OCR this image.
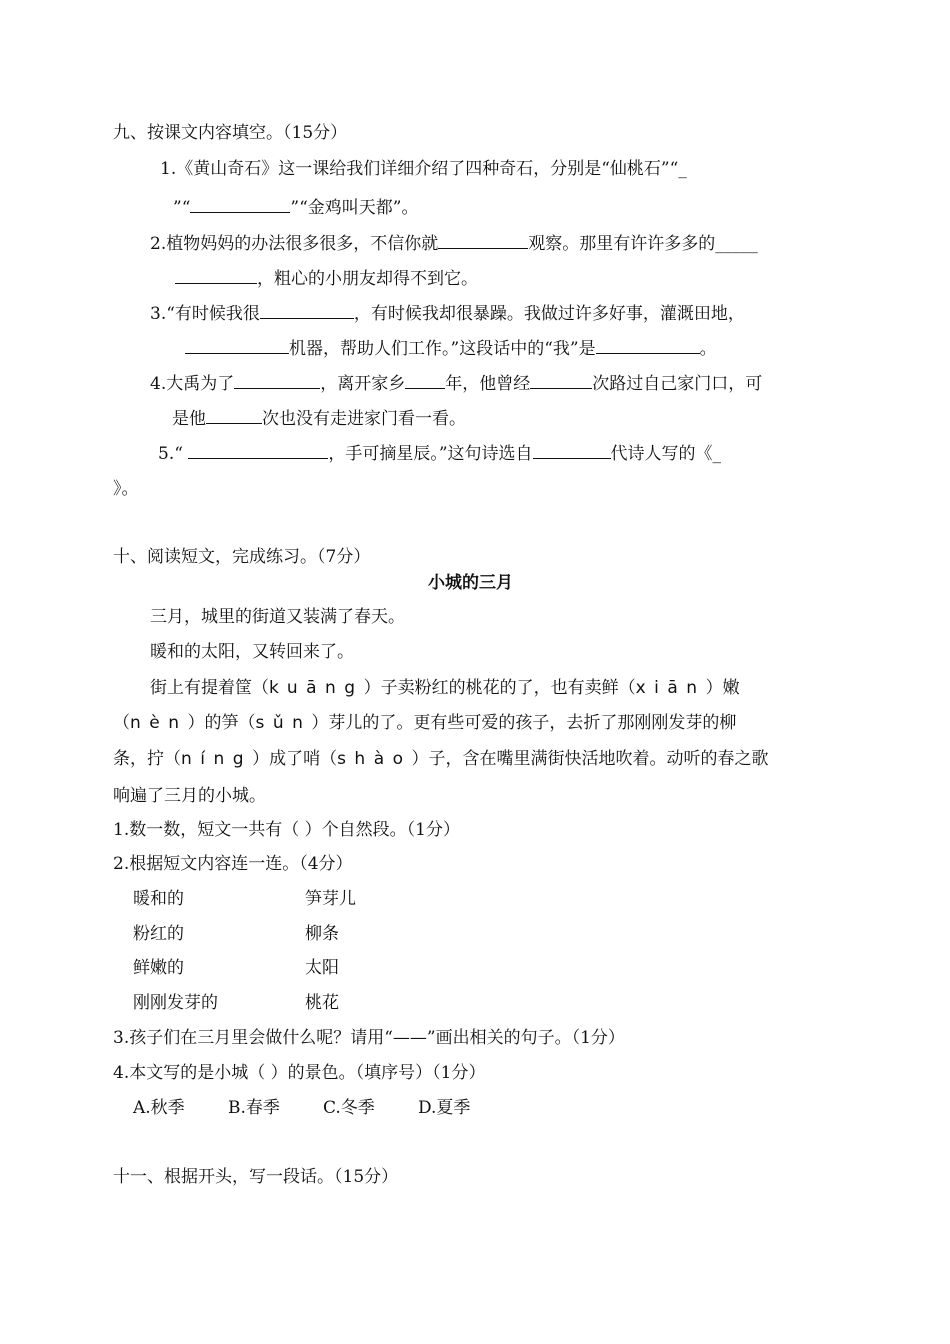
九、按课文内容填空。（15分）
1.《黄山奇石》这一课给我们详细介绍了四种奇石，分别是“仙桃石”“_
”“	”“金鸡叫天都”。
2.植物妈妈的办法很多很多，不信你就	观察。那里有许许多多的_____
，粗心的小朋友却得不到它。
3.“有时候我很	，有时候我却很暴躁。我做过许多好事，灌溉田地，
机器，帮助人们工作。”这段话中的“我”是	。
4.大禹为了	，离开家乡 年，他曾经	次路过自己家门口，可
是他	次也没有走进家门看一看。
5.“	，手可摘星辰。”这句诗选自	代诗人写的《_
》。
十、阅读短文，完成练习。（7分）
小城的三月
三月，城里的街道又装满了春天。
暖和的太阳，又转回来了。
街上有提着筐（kuāng）子卖粉红的桃花的了，也有卖鲜（xiān）嫩
（nèn）的笋（sǔn）芽儿的了。更有些可爱的孩子，去折了那刚刚发芽的柳
条，拧（níng）成了哨（shào）子，含在嘴里满街快活地吹着。动听的春之歌
响遍了三月的小城。
1.数一数，短文一共有（ ）个自然段。（1分）
2.根据短文内容连一连。（4分）
暖和的	笋芽儿
粉红的	柳条
鲜嫩的	太阳
刚刚发芽的	桃花
3.孩子们在三月里会做什么呢？请用“——”画出相关的句子。（1分）
4.本文写的是小城（ ）的景色。（填序号）（1分）
A.秋季	B.春季	C.冬季	D.夏季
十一、根据开头，写一段话。（15分）
